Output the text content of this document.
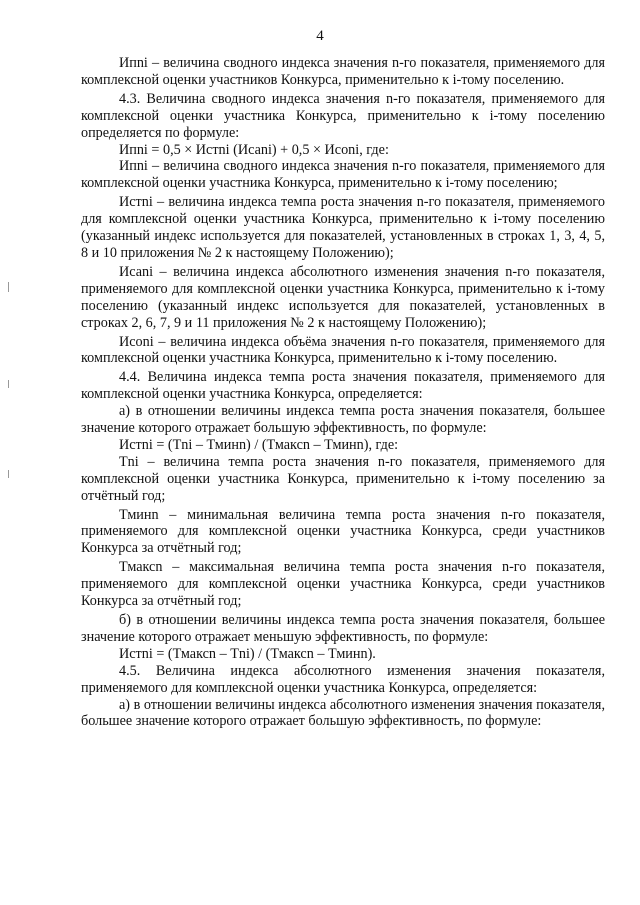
4

Ипni – величина сводного индекса значения n-го показателя, применяемого для комплексной оценки участников Конкурса, применительно к i-тому поселению.

4.3. Величина сводного индекса значения n-го показателя, применяемого для комплексной оценки участника Конкурса, применительно к i-тому поселению определяется по формуле:

Ипni = 0,5 × Истni (Исаni) + 0,5 × Исоni, где:

Ипni – величина сводного индекса значения n-го показателя, применяемого для комплексной оценки участника Конкурса, применительно к i-тому поселению;

Истni – величина индекса темпа роста значения n-го показателя, применяемого для комплексной оценки участника Конкурса, применительно к i-тому поселению (указанный индекс используется для показателей, установленных в строках 1, 3, 4, 5, 8 и 10 приложения № 2 к настоящему Положению);

Исаni – величина индекса абсолютного изменения значения n-го показателя, применяемого для комплексной оценки участника Конкурса, применительно к i-тому поселению (указанный индекс используется для показателей, установленных в строках 2, 6, 7, 9 и 11 приложения № 2 к настоящему Положению);

Исоni – величина индекса объёма значения n-го показателя, применяемого для комплексной оценки участника Конкурса, применительно к i-тому поселению.

4.4. Величина индекса темпа роста значения показателя, применяемого для комплексной оценки участника Конкурса, определяется:

а) в отношении величины индекса темпа роста значения показателя, большее значение которого отражает большую эффективность, по формуле:

Истni = (Тni – Тминn) / (Тмаксn – Тминn), где:

Тni – величина темпа роста значения n-го показателя, применяемого для комплексной оценки участника Конкурса, применительно к i-тому поселению за отчётный год;

Тминn – минимальная величина темпа роста значения n-го показателя, применяемого для комплексной оценки участника Конкурса, среди участников Конкурса за отчётный год;

Тмаксn – максимальная величина темпа роста значения n-го показателя, применяемого для комплексной оценки участника Конкурса, среди участников Конкурса за отчётный год;

б) в отношении величины индекса темпа роста значения показателя, большее значение которого отражает меньшую эффективность, по формуле:

Истni = (Тмаксn – Тni) / (Тмаксn – Тминn).

4.5. Величина индекса абсолютного изменения значения показателя, применяемого для комплексной оценки участника Конкурса, определяется:

а) в отношении величины индекса абсолютного изменения значения показателя, большее значение которого отражает большую эффективность, по формуле:
